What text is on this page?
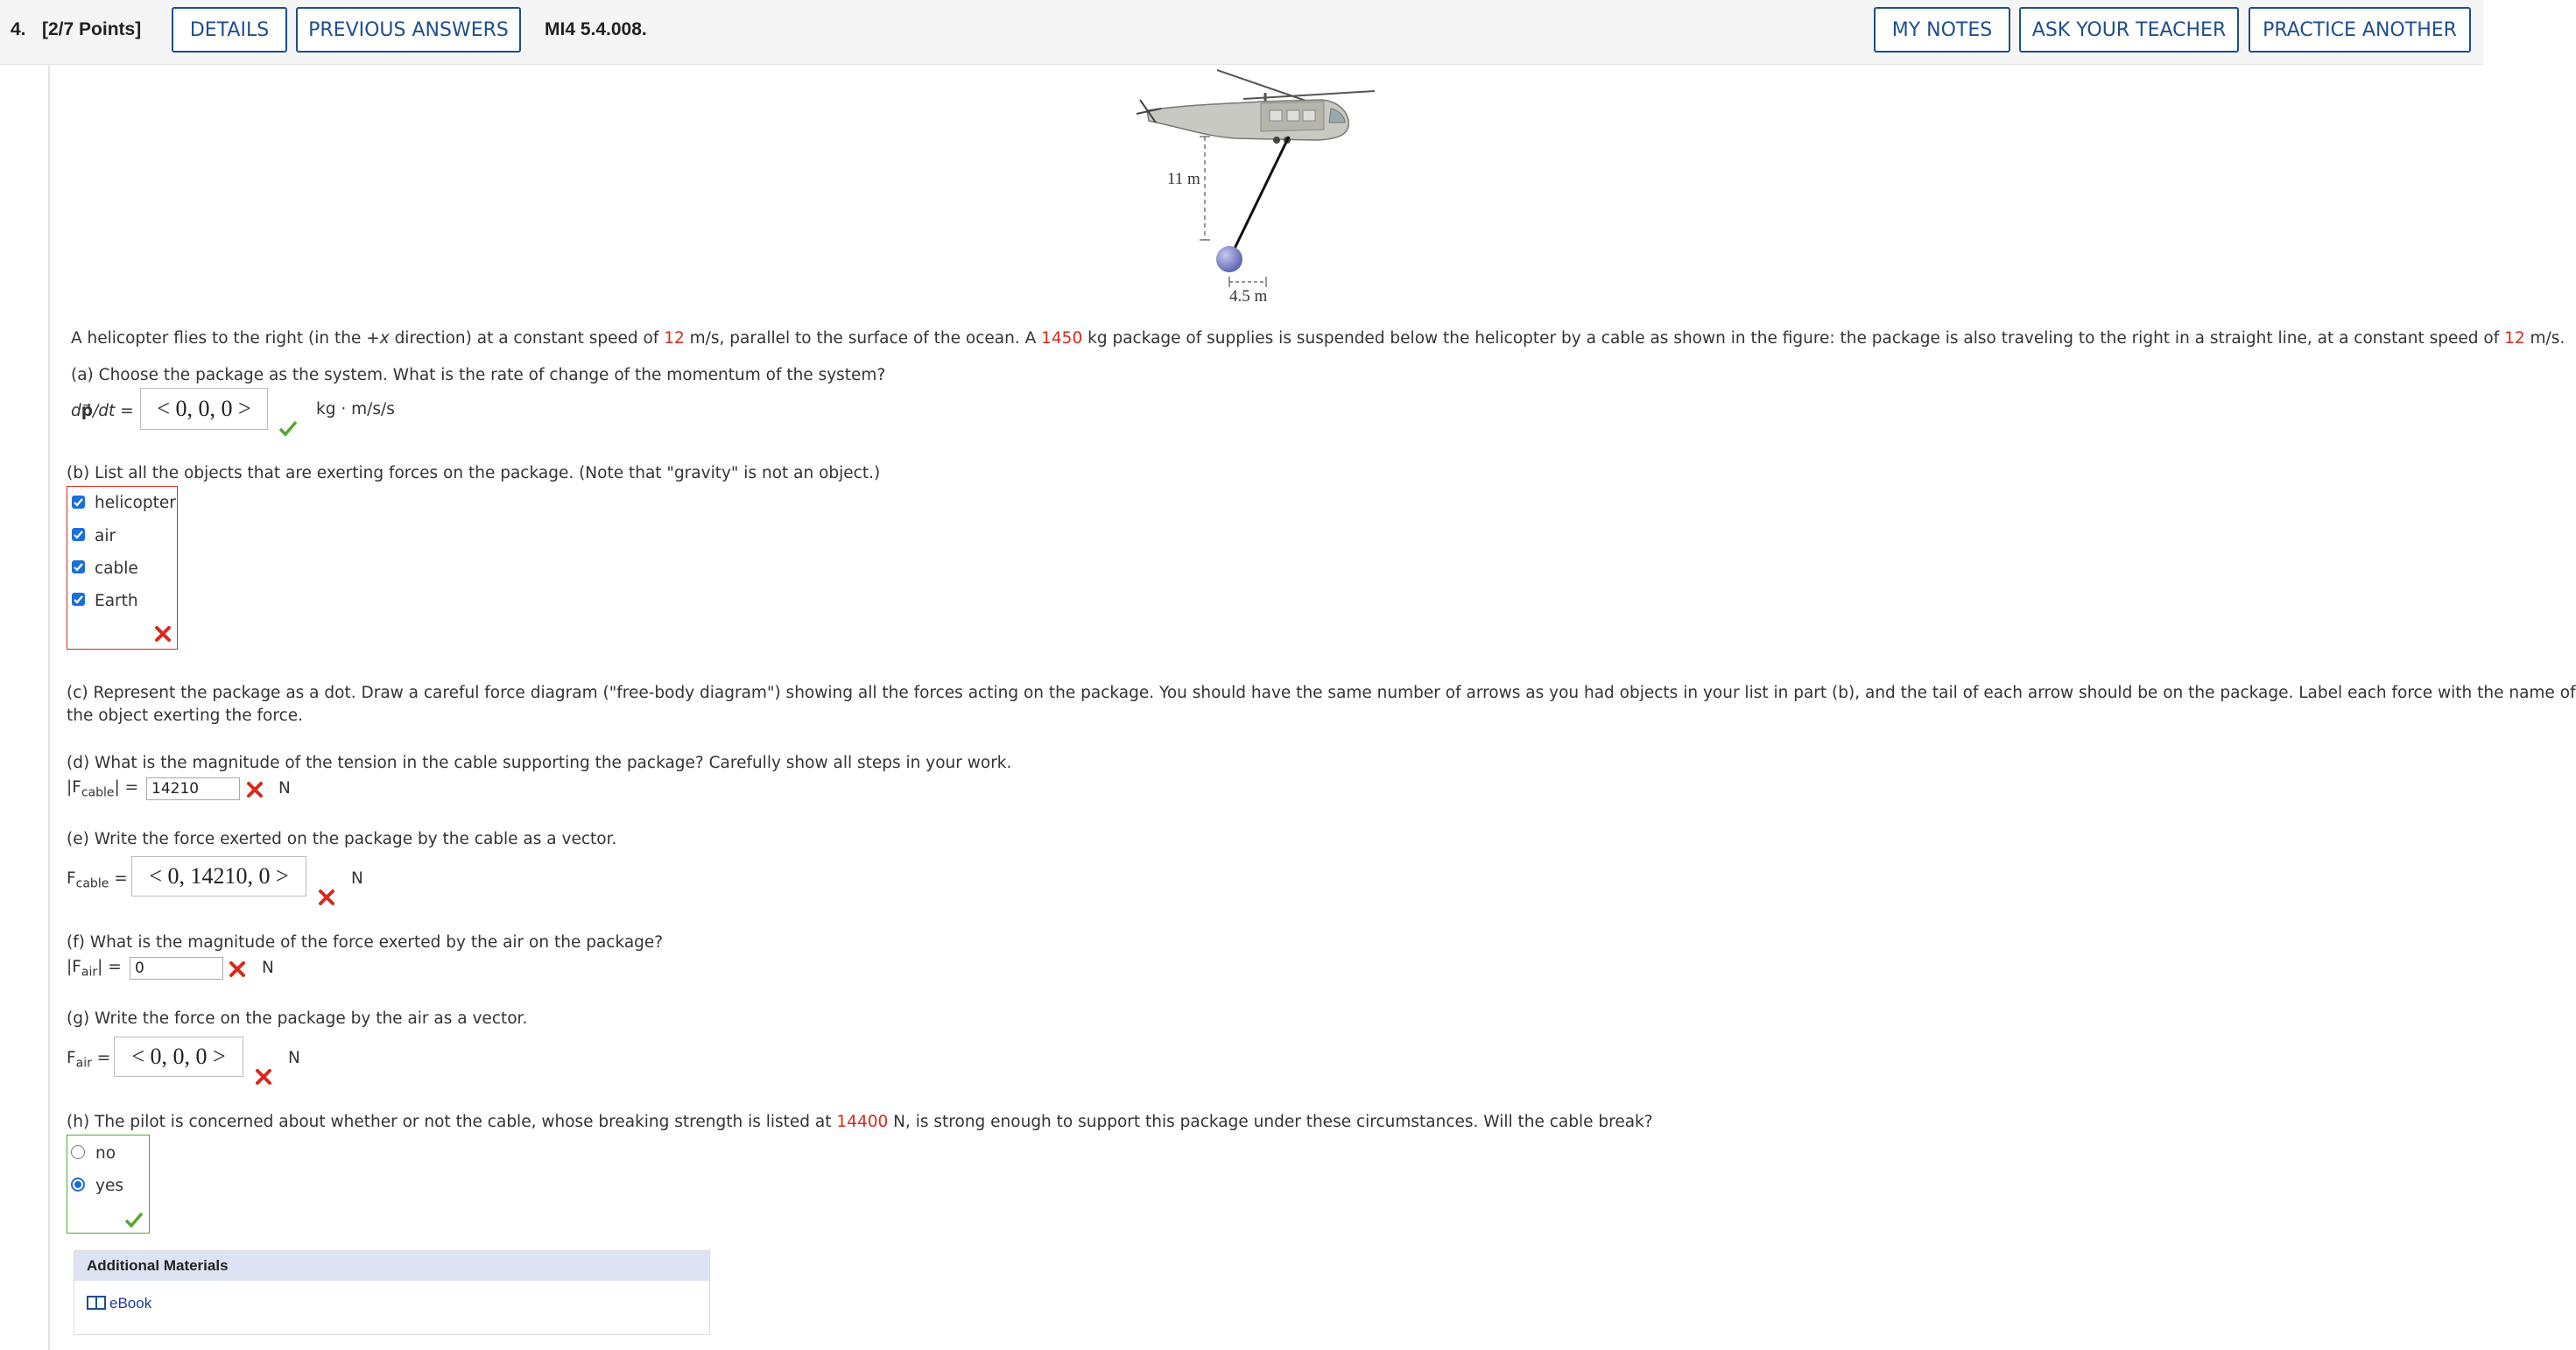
4. [2/7 Points]	DETAILS	PREVIOUS ANSWERS	MI4 5.4.008.	MY NOTES	ASK YOUR TEACHER	PRACTICE ANOTHER
11 m
4.5 m
A helicopter flies to the right (in the +x direction) at a constant speed of 12 m/s, parallel to the surface of the ocean. A 1450 kg package of supplies is suspended below the helicopter by a cable as shown in the figure: the package is also traveling to the right in a straight line, at a constant speed of 12 m/s.
(a) Choose the package as the system. What is the rate of change of the momentum of the system?
dp⃗/dt =	< 0, 0, 0 >	kg · m/s/s
(b) List all the objects that are exerting forces on the package. (Note that "gravity" is not an object.)
helicopter
air
cable
Earth
(c) Represent the package as a dot. Draw a careful force diagram ("free-body diagram") showing all the forces acting on the package. You should have the same number of arrows as you had objects in your list in part (b), and the tail of each arrow should be on the package. Label each force with the name of
the object exerting the force.
(d) What is the magnitude of the tension in the cable supporting the package? Carefully show all steps in your work.
$|F_{cable}| = 14210$	N
(e) Write the force exerted on the package by the cable as a vector.
$F_{cable}$ = < 0, 14210, 0 >	N
(f) What is the magnitude of the force exerted by the air on the package?
$|F_{air}| = 0$	N
(g) Write the force on the package by the air as a vector.
$F_{air}$ = < 0, 0, 0 >	N
(h) The pilot is concerned about whether or not the cable, whose breaking strength is listed at 14400 N, is strong enough to support this package under these circumstances. Will the cable break?
no
yes
Additional Materials
eBook
